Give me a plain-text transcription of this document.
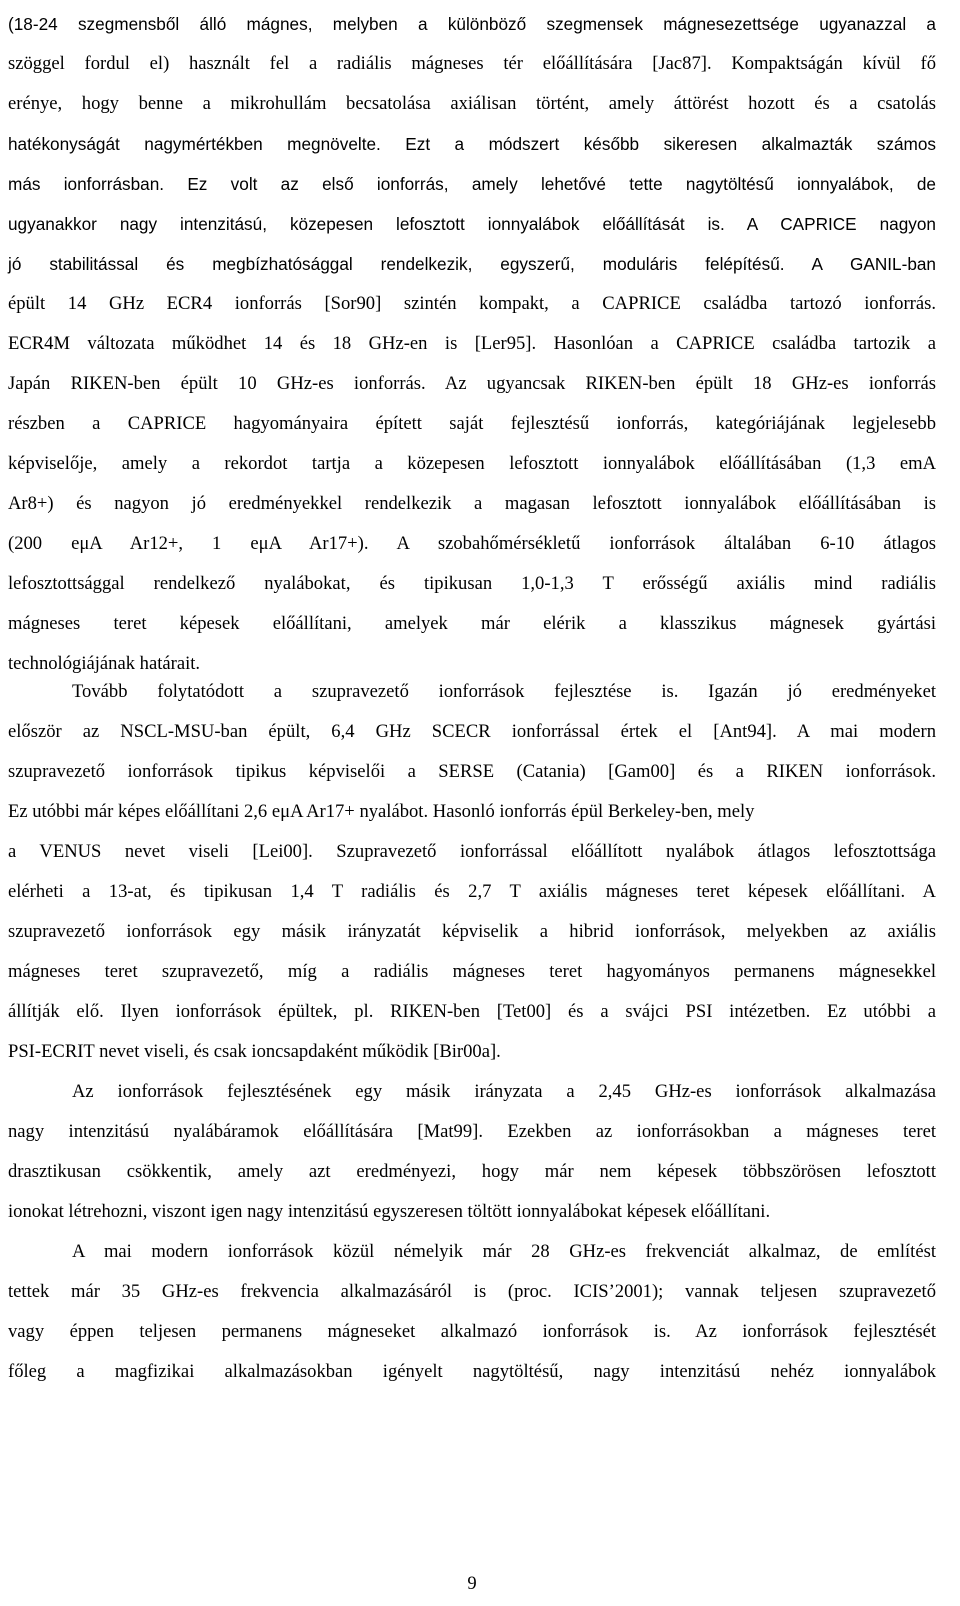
(18-24 szegmensből álló mágnes, melyben a különböző szegmensek mágnesezettsége ugyanazzal a
szöggel fordul el) használt fel a radiális mágneses tér előállítására [Jac87]. Kompaktságán kívül fő
erénye, hogy benne a mikrohullám becsatolása axiálisan történt, amely áttörést hozott és a csatolás
hatékonyságát nagymértékben megnövelte. Ezt a módszert később sikeresen alkalmazták számos
más ionforrásban. Ez volt az első ionforrás, amely lehetővé tette nagytöltésű ionnyalábok, de
ugyanakkor nagy intenzitású, közepesen lefosztott ionnyalábok előállítását is. A CAPRICE nagyon
jó stabilitással és megbízhatósággal rendelkezik, egyszerű, moduláris felépítésű. A GANIL-ban
épült 14 GHz ECR4 ionforrás [Sor90] szintén kompakt, a CAPRICE családba tartozó ionforrás.
ECR4M változata működhet 14 és 18 GHz-en is [Ler95]. Hasonlóan a CAPRICE családba tartozik a
Japán RIKEN-ben épült 10 GHz-es ionforrás. Az ugyancsak RIKEN-ben épült 18 GHz-es ionforrás
részben a CAPRICE hagyományaira épített saját fejlesztésű ionforrás, kategóriájának legjelesebb
képviselője, amely a rekordot tartja a közepesen lefosztott ionnyalábok előállításában (1,3 emA
Ar8+) és nagyon jó eredményekkel rendelkezik a magasan lefosztott ionnyalábok előállításában is
(200 eμA Ar12+, 1 eμA Ar17+). A szobahőmérsékletű ionforrások általában 6-10 átlagos
lefosztottsággal rendelkező nyalábokat, és tipikusan 1,0-1,3 T erősségű axiális mind radiális
mágneses teret képesek előállítani, amelyek már elérik a klasszikus mágnesek gyártási
technológiájának határait.
Tovább folytatódott a szupravezető ionforrások fejlesztése is. Igazán jó eredményeket
először az NSCL-MSU-ban épült, 6,4 GHz SCECR ionforrással értek el [Ant94]. A mai modern
szupravezető ionforrások tipikus képviselői a SERSE (Catania) [Gam00] és a RIKEN ionforrások.
Ez utóbbi már képes előállítani 2,6 eμA Ar17+ nyalábot. Hasonló ionforrás épül Berkeley-ben, mely
a VENUS nevet viseli [Lei00]. Szupravezető ionforrással előállított nyalábok átlagos lefosztottsága
elérheti a 13-at, és tipikusan 1,4 T radiális és 2,7 T axiális mágneses teret képesek előállítani. A
szupravezető ionforrások egy másik irányzatát képviselik a hibrid ionforrások, melyekben az axiális
mágneses teret szupravezető, míg a radiális mágneses teret hagyományos permanens mágnesekkel
állítják elő. Ilyen ionforrások épültek, pl. RIKEN-ben [Tet00] és a svájci PSI intézetben. Ez utóbbi a
PSI-ECRIT nevet viseli, és csak ioncsapdaként működik [Bir00a].
Az ionforrások fejlesztésének egy másik irányzata a 2,45 GHz-es ionforrások alkalmazása
nagy intenzitású nyalábáramok előállítására [Mat99]. Ezekben az ionforrásokban a mágneses teret
drasztikusan csökkentik, amely azt eredményezi, hogy már nem képesek többszörösen lefosztott
ionokat létrehozni, viszont igen nagy intenzitású egyszeresen töltött ionnyalábokat képesek előállítani.
A mai modern ionforrások közül némelyik már 28 GHz-es frekvenciát alkalmaz, de említést
tettek már 35 GHz-es frekvencia alkalmazásáról is (proc. ICIS’2001); vannak teljesen szupravezető
vagy éppen teljesen permanens mágneseket alkalmazó ionforrások is. Az ionforrások fejlesztését
főleg a magfizikai alkalmazásokban igényelt nagytöltésű, nagy intenzitású nehéz ionnyalábok
9
